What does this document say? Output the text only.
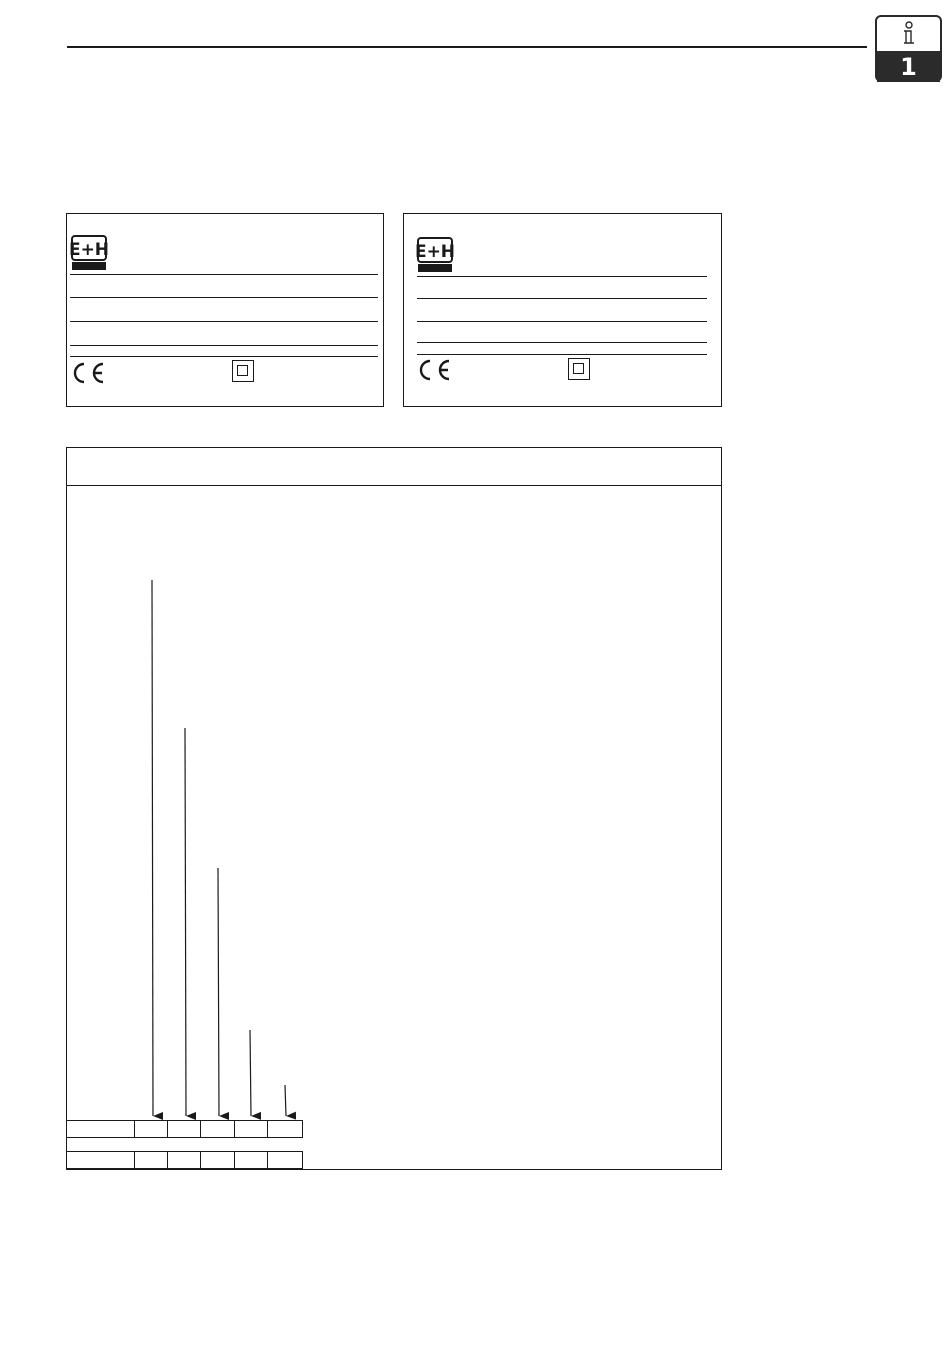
1
E+H	E+H
